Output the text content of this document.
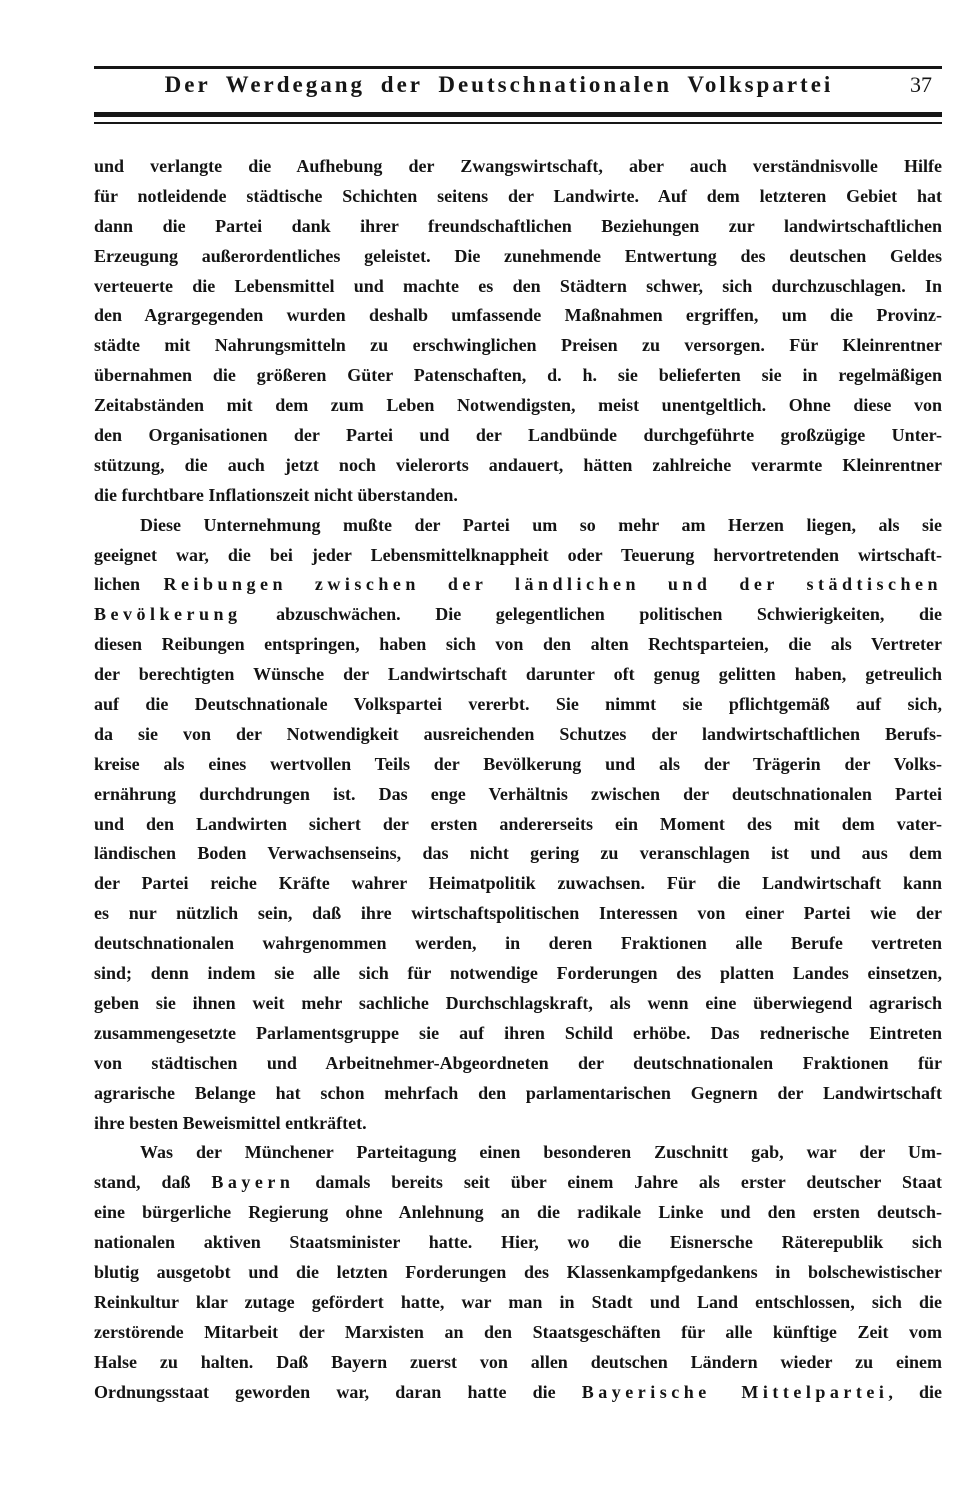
Der Werdegang der Deutschnationalen Volkspartei	37
und verlangte die Aufhebung der Zwangswirtschaft, aber auch verständnisvolle Hilfe
für notleidende städtische Schichten seitens der Landwirte. Auf dem letzteren Gebiet hat
dann die Partei dank ihrer freundschaftlichen Beziehungen zur landwirtschaftlichen
Erzeugung außerordentliches geleistet. Die zunehmende Entwertung des deutschen Geldes
verteuerte die Lebensmittel und machte es den Städtern schwer, sich durchzuschlagen. In
den Agrargegenden wurden deshalb umfassende Maßnahmen ergriffen, um die Provinz-
städte mit Nahrungsmitteln zu erschwinglichen Preisen zu versorgen. Für Kleinrentner
übernahmen die größeren Güter Patenschaften, d. h. sie belieferten sie in regelmäßigen
Zeitabständen mit dem zum Leben Notwendigsten, meist unentgeltlich. Ohne diese von
den Organisationen der Partei und der Landbünde durchgeführte großzügige Unter-
stützung, die auch jetzt noch vielerorts andauert, hätten zahlreiche verarmte Kleinrentner
die furchtbare Inflationszeit nicht überstanden.
Diese Unternehmung mußte der Partei um so mehr am Herzen liegen, als sie
geeignet war, die bei jeder Lebensmittelknappheit oder Teuerung hervortretenden wirtschaft-
lichen Reibungen zwischen der ländlichen und der städtischen
Bevölkerung abzuschwächen. Die gelegentlichen politischen Schwierigkeiten, die
diesen Reibungen entspringen, haben sich von den alten Rechtsparteien, die als Vertreter
der berechtigten Wünsche der Landwirtschaft darunter oft genug gelitten haben, getreulich
auf die Deutschnationale Volkspartei vererbt. Sie nimmt sie pflichtgemäß auf sich,
da sie von der Notwendigkeit ausreichenden Schutzes der landwirtschaftlichen Berufs-
kreise als eines wertvollen Teils der Bevölkerung und als der Trägerin der Volks-
ernährung durchdrungen ist. Das enge Verhältnis zwischen der deutschnationalen Partei
und den Landwirten sichert der ersten andererseits ein Moment des mit dem vater-
ländischen Boden Verwachsenseins, das nicht gering zu veranschlagen ist und aus dem
der Partei reiche Kräfte wahrer Heimatpolitik zuwachsen. Für die Landwirtschaft kann
es nur nützlich sein, daß ihre wirtschaftspolitischen Interessen von einer Partei wie der
deutschnationalen wahrgenommen werden, in deren Fraktionen alle Berufe vertreten
sind; denn indem sie alle sich für notwendige Forderungen des platten Landes einsetzen,
geben sie ihnen weit mehr sachliche Durchschlagskraft, als wenn eine überwiegend agrarisch
zusammengesetzte Parlamentsgruppe sie auf ihren Schild erhöbe. Das rednerische Eintreten
von städtischen und Arbeitnehmer-Abgeordneten der deutschnationalen Fraktionen für
agrarische Belange hat schon mehrfach den parlamentarischen Gegnern der Landwirtschaft
ihre besten Beweismittel entkräftet.
Was der Münchener Parteitagung einen besonderen Zuschnitt gab, war der Um-
stand, daß Bayern damals bereits seit über einem Jahre als erster deutscher Staat
eine bürgerliche Regierung ohne Anlehnung an die radikale Linke und den ersten deutsch-
nationalen aktiven Staatsminister hatte. Hier, wo die Eisnersche Räterepublik sich
blutig ausgetobt und die letzten Forderungen des Klassenkampfgedankens in bolschewistischer
Reinkultur klar zutage gefördert hatte, war man in Stadt und Land entschlossen, sich die
zerstörende Mitarbeit der Marxisten an den Staatsgeschäften für alle künftige Zeit vom
Halse zu halten. Daß Bayern zuerst von allen deutschen Ländern wieder zu einem
Ordnungsstaat geworden war, daran hatte die Bayerische Mittelpartei, die
